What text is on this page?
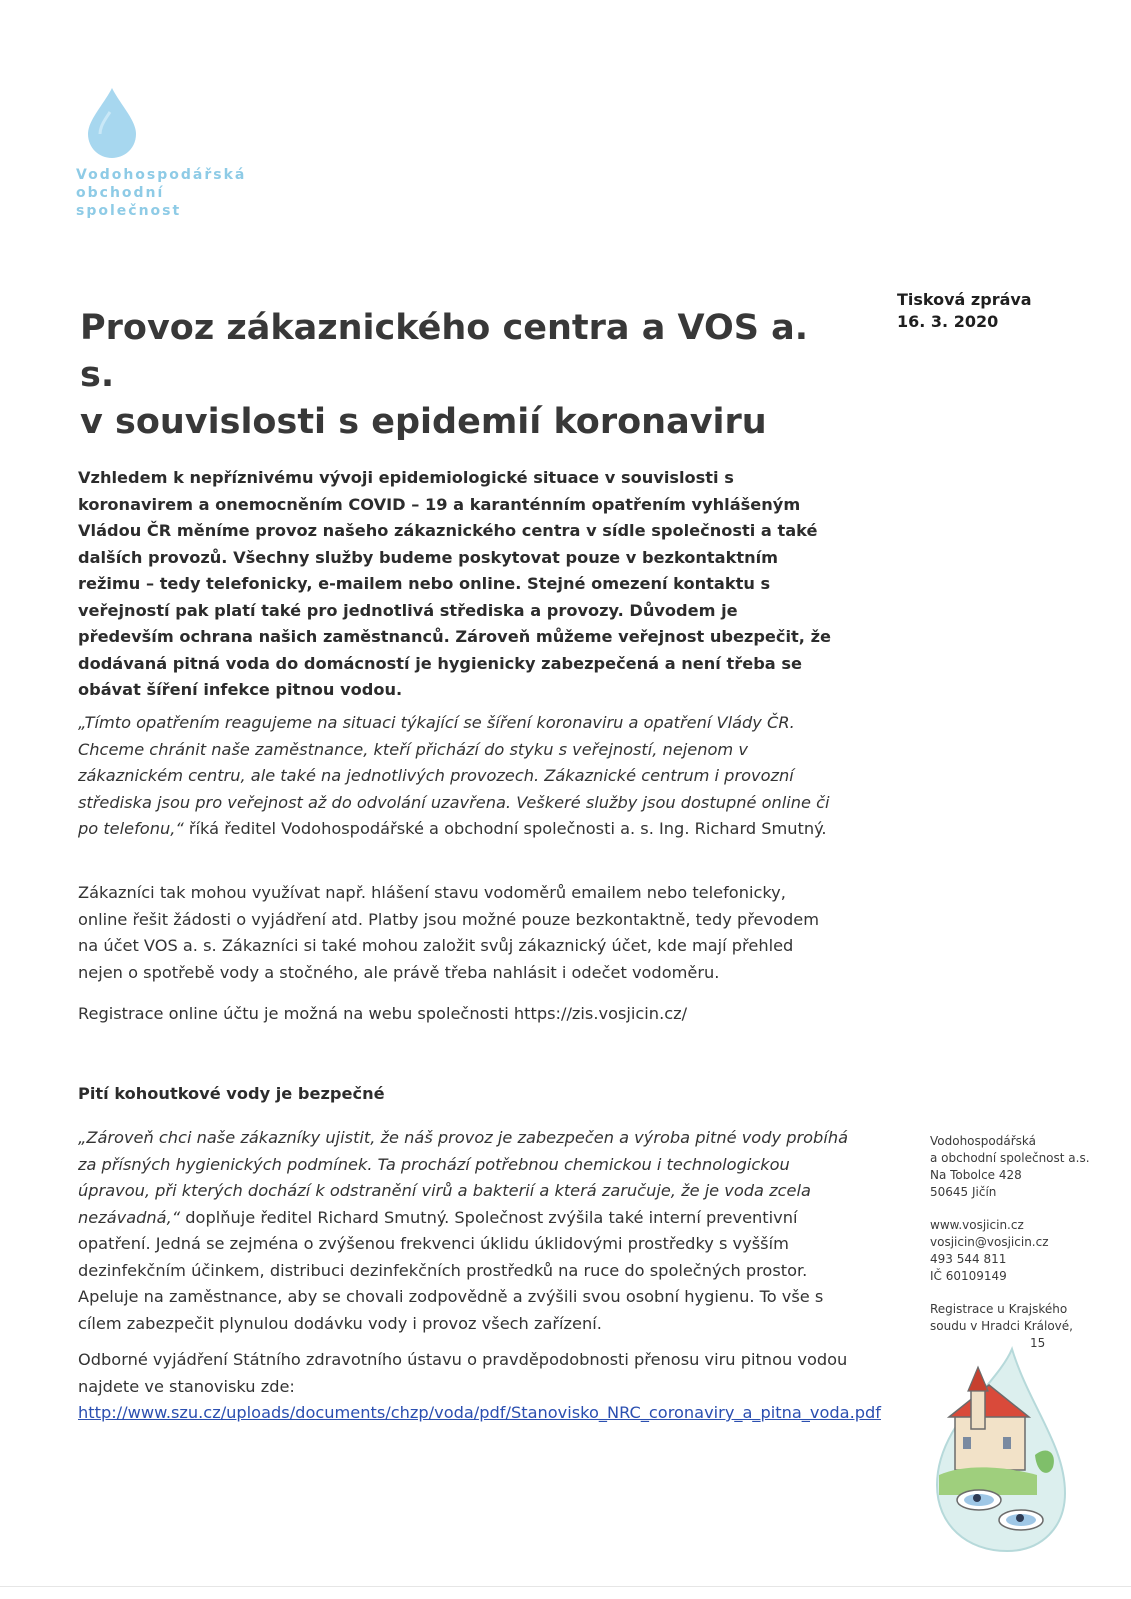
Vodohospodářská
obchodní
společnost
Tisková zpráva
16. 3. 2020
Provoz zákaznického centra a VOS a. s.
v souvislosti s epidemií koronaviru

Vzhledem k nepříznivému vývoji epidemiologické situace v souvislosti s koronavirem a onemocněním COVID – 19 a karanténním opatřením vyhlášeným Vládou ČR měníme provoz našeho zákaznického centra v sídle společnosti a také dalších provozů. Všechny služby budeme poskytovat pouze v bezkontaktním režimu – tedy telefonicky, e-mailem nebo online. Stejné omezení kontaktu s veřejností pak platí také pro jednotlivá střediska a provozy. Důvodem je především ochrana našich zaměstnanců. Zároveň můžeme veřejnost ubezpečit, že dodávaná pitná voda do domácností je hygienicky zabezpečená a není třeba se obávat šíření infekce pitnou vodou.

„Tímto opatřením reagujeme na situaci týkající se šíření koronaviru a opatření Vlády ČR. Chceme chránit naše zaměstnance, kteří přichází do styku s veřejností, nejenom v zákaznickém centru, ale také na jednotlivých provozech. Zákaznické centrum i provozní střediska jsou pro veřejnost až do odvolání uzavřena. Veškeré služby jsou dostupné online či po telefonu,“ říká ředitel Vodohospodářské a obchodní společnosti a. s. Ing. Richard Smutný.

Zákazníci tak mohou využívat např. hlášení stavu vodoměrů emailem nebo telefonicky, online řešit žádosti o vyjádření atd. Platby jsou možné pouze bezkontaktně, tedy převodem na účet VOS a. s. Zákazníci si také mohou založit svůj zákaznický účet, kde mají přehled nejen o spotřebě vody a stočného, ale právě třeba nahlásit i odečet vodoměru.

Registrace online účtu je možná na webu společnosti https://zis.vosjicin.cz/

Pití kohoutkové vody je bezpečné

„Zároveň chci naše zákazníky ujistit, že náš provoz je zabezpečen a výroba pitné vody probíhá za přísných hygienických podmínek. Ta prochází potřebnou chemickou i technologickou úpravou, při kterých dochází k odstranění virů a bakterií a která zaručuje, že je voda zcela nezávadná,“ doplňuje ředitel Richard Smutný. Společnost zvýšila také interní preventivní opatření. Jedná se zejména o zvýšenou frekvenci úklidu úklidovými prostředky s vyšším dezinfekčním účinkem, distribuci dezinfekčních prostředků na ruce do společných prostor. Apeluje na zaměstnance, aby se chovali zodpovědně a zvýšili svou osobní hygienu. To vše s cílem zabezpečit plynulou dodávku vody i provoz všech zařízení.

Odborné vyjádření Státního zdravotního ústavu o pravděpodobnosti přenosu viru pitnou vodou najdete ve stanovisku zde:
http://www.szu.cz/uploads/documents/chzp/voda/pdf/Stanovisko_NRC_coronaviry_a_pitna_voda.pdf

Vodohospodářská
a obchodní společnost a.s.
Na Tobolce 428
50645 Jičín
www.vosjicin.cz
vosjicin@vosjicin.cz
493 544 811
IČ 60109149
Registrace u Krajského
soudu v Hradci Králové,
15
